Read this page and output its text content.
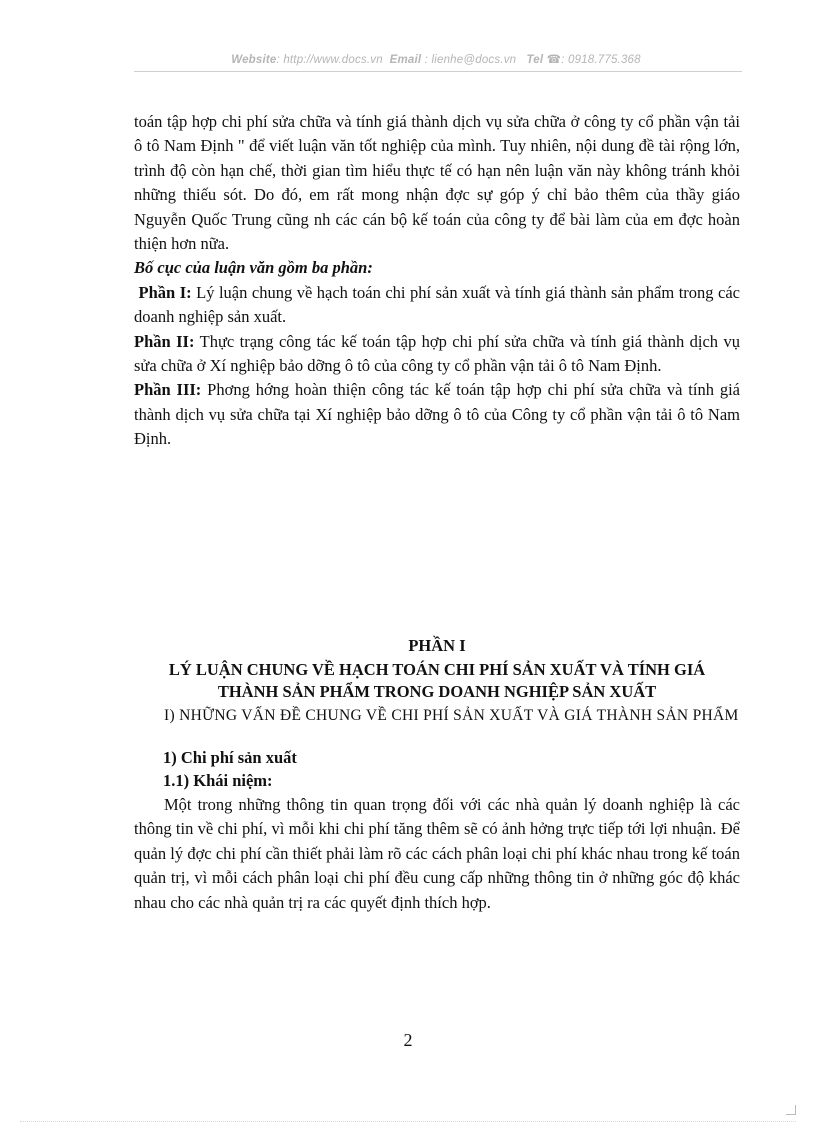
Website: http://www.docs.vn Email : lienhe@docs.vn Tel ☎: 0918.775.368

toán tập hợp chi phí sửa chữa và tính giá thành dịch vụ sửa chữa ở công ty cổ phần vận tải ô tô Nam Định " để viết luận văn tốt nghiệp của mình. Tuy nhiên, nội dung đề tài rộng lớn, trình độ còn hạn chế, thời gian tìm hiểu thực tế có hạn nên luận văn này không tránh khỏi những thiếu sót. Do đó, em rất mong nhận đợc sự góp ý chỉ bảo thêm của thầy giáo Nguyễn Quốc Trung cũng nh các cán bộ kế toán của công ty để bài làm của em đợc hoàn thiện hơn nữa.

Bố cục của luận văn gồm ba phần:

Phần I: Lý luận chung về hạch toán chi phí sản xuất và tính giá thành sản phẩm trong các doanh nghiệp sản xuất.

Phần II: Thực trạng công tác kế toán tập hợp chi phí sửa chữa và tính giá thành dịch vụ sửa chữa ở Xí nghiệp bảo dỡng ô tô của công ty cổ phần vận tải ô tô Nam Định.

Phần III: Phơng hớng hoàn thiện công tác kế toán tập hợp chi phí sửa chữa và tính giá thành dịch vụ sửa chữa tại Xí nghiệp bảo dỡng ô tô của Công ty cổ phần vận tải ô tô Nam Định.

PHẦN I
LÝ LUẬN CHUNG VỀ HẠCH TOÁN CHI PHÍ SẢN XUẤT VÀ TÍNH GIÁ
THÀNH SẢN PHẨM TRONG DOANH NGHIỆP SẢN XUẤT
I) NHỮNG VẤN ĐỀ CHUNG VỀ CHI PHÍ SẢN XUẤT VÀ GIÁ THÀNH SẢN PHẨM
1) Chi phí sản xuất
1.1) Khái niệm:
Một trong những thông tin quan trọng đối với các nhà quản lý doanh nghiệp là các thông tin về chi phí, vì mỗi khi chi phí tăng thêm sẽ có ảnh hởng trực tiếp tới lợi nhuận. Để quản lý đợc chi phí cần thiết phải làm rõ các cách phân loại chi phí khác nhau trong kế toán quản trị, vì mỗi cách phân loại chi phí đều cung cấp những thông tin ở những góc độ khác nhau cho các nhà quản trị ra các quyết định thích hợp.
2
